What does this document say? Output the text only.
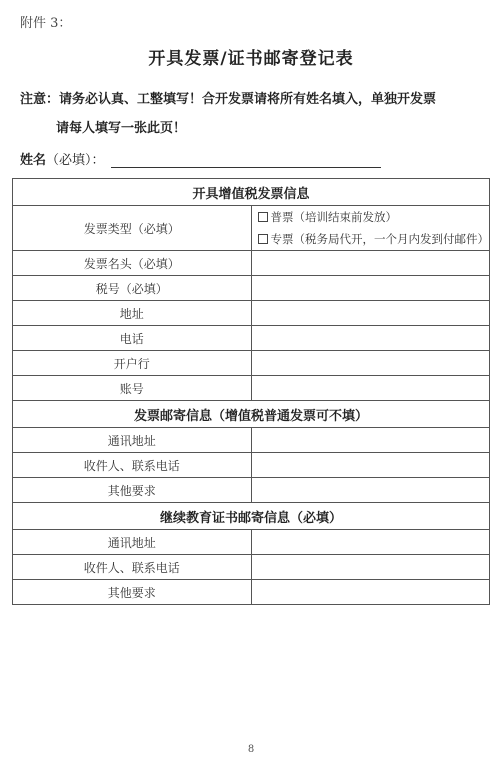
附件 3：
开具发票/证书邮寄登记表
注意：请务必认真、工整填写！合开发票请将所有姓名填入，单独开发票
请每人填写一张此页！
姓名 （必填）：
开具增值税发票信息	
发票类型（必填）	普票（培训结束前发放）
专票（税务局代开，一个月内发到付邮件）

发票名头（必填）	
税号（必填）	
地址	
电话	
开户行	
账号	
发票邮寄信息（增值税普通发票可不填）	
通讯地址	
收件人、联系电话	
其他要求	
继续教育证书邮寄信息（必填）	
通讯地址	
收件人、联系电话	
其他要求	
8
